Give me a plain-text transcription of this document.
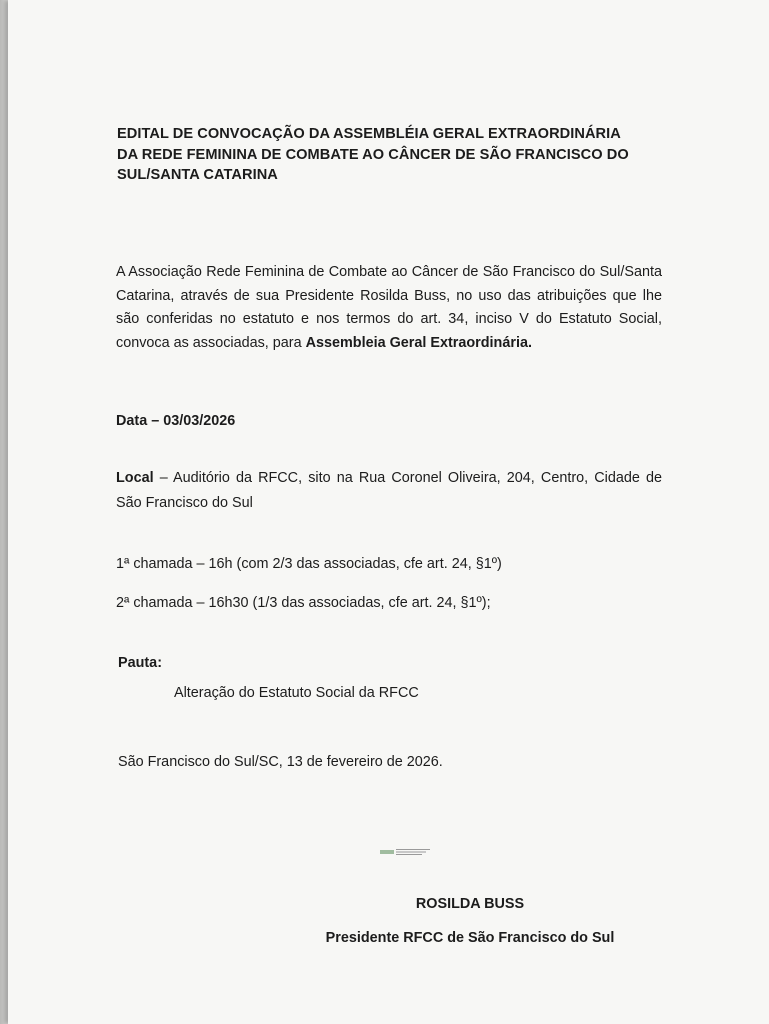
EDITAL DE CONVOCAÇÃO DA ASSEMBLÉIA GERAL EXTRAORDINÁRIA
DA REDE FEMININA DE COMBATE AO CÂNCER DE SÃO FRANCISCO DO
SUL/SANTA CATARINA

A Associação Rede Feminina de Combate ao Câncer de São Francisco do Sul/Santa Catarina, através de sua Presidente Rosilda Buss, no uso das atribuições que lhe são conferidas no estatuto e nos termos do art. 34, inciso V do Estatuto Social, convoca as associadas, para Assembleia Geral Extraordinária.

Data – 03/03/2026

Local – Auditório da RFCC, sito na Rua Coronel Oliveira, 204, Centro, Cidade de São Francisco do Sul

1ª chamada – 16h (com 2/3 das associadas, cfe art. 24, §1º)

2ª chamada – 16h30 (1/3 das associadas, cfe art. 24, §1º);

Pauta:

Alteração do Estatuto Social da RFCC

São Francisco do Sul/SC, 13 de fevereiro de 2026.

ROSILDA BUSS

Presidente RFCC de São Francisco do Sul
